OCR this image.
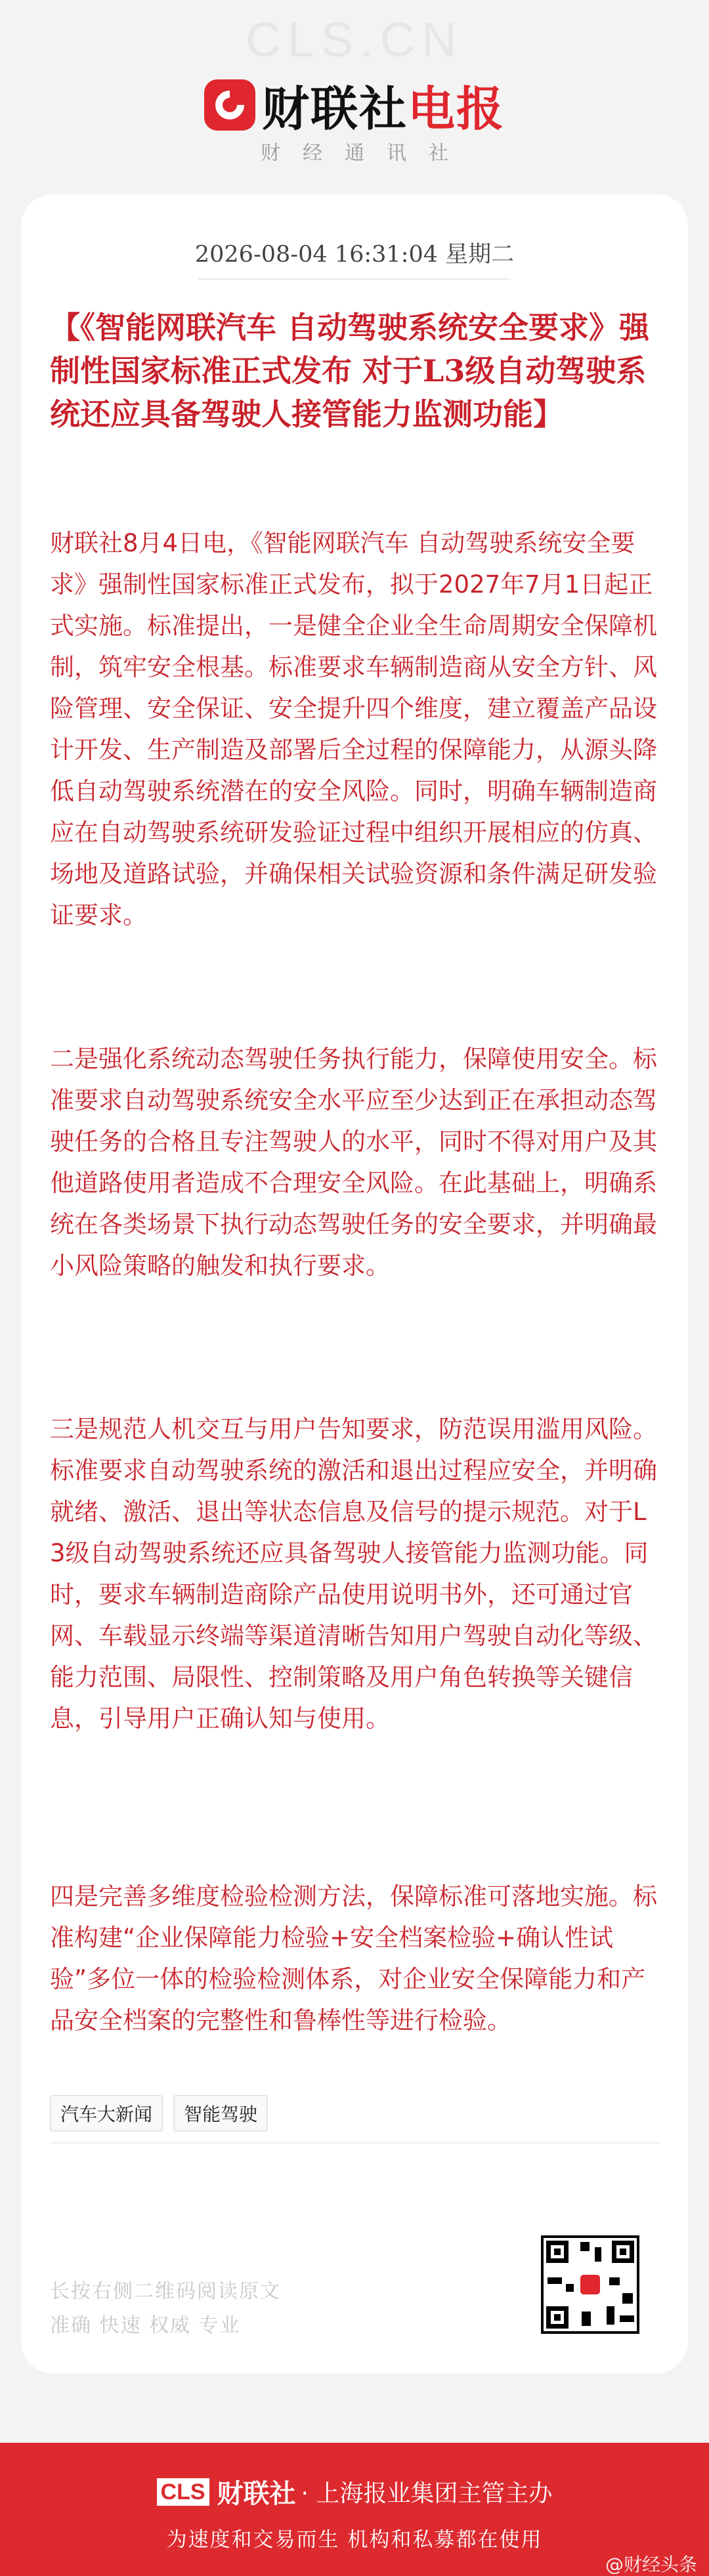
CLS.CN
财联社电报
财经通讯社
2026-08-04 16:31:04 星期二
【《智能网联汽车 自动驾驶系统安全要求》强制性国家标准正式发布 对于L3级自动驾驶系统还应具备驾驶人接管能力监测功能】
财联社8月4日电，《智能网联汽车 自动驾驶系统安全要求》强制性国家标准正式发布，拟于2027年7月1日起正式实施。标准提出，一是健全企业全生命周期安全保障机制，筑牢安全根基。标准要求车辆制造商从安全方针、风险管理、安全保证、安全提升四个维度，建立覆盖产品设计开发、生产制造及部署后全过程的保障能力，从源头降低自动驾驶系统潜在的安全风险。同时，明确车辆制造商应在自动驾驶系统研发验证过程中组织开展相应的仿真、场地及道路试验，并确保相关试验资源和条件满足研发验证要求。
二是强化系统动态驾驶任务执行能力，保障使用安全。标准要求自动驾驶系统安全水平应至少达到正在承担动态驾驶任务的合格且专注驾驶人的水平，同时不得对用户及其他道路使用者造成不合理安全风险。在此基础上，明确系统在各类场景下执行动态驾驶任务的安全要求，并明确最小风险策略的触发和执行要求。
三是规范人机交互与用户告知要求，防范误用滥用风险。标准要求自动驾驶系统的激活和退出过程应安全，并明确就绪、激活、退出等状态信息及信号的提示规范。对于L3级自动驾驶系统还应具备驾驶人接管能力监测功能。同时，要求车辆制造商除产品使用说明书外，还可通过官网、车载显示终端等渠道清晰告知用户驾驶自动化等级、能力范围、局限性、控制策略及用户角色转换等关键信息，引导用户正确认知与使用。
四是完善多维度检验检测方法，保障标准可落地实施。标准构建“企业保障能力检验+安全档案检验+确认性试验”多位一体的检验检测体系，对企业安全保障能力和产品安全档案的完整性和鲁棒性等进行检验。
汽车大新闻	智能驾驶
长按右侧二维码阅读原文
准确 快速 权威 专业
CLS 财联社 · 上海报业集团主管主办
为速度和交易而生 机构和私募都在使用
@财经头条
